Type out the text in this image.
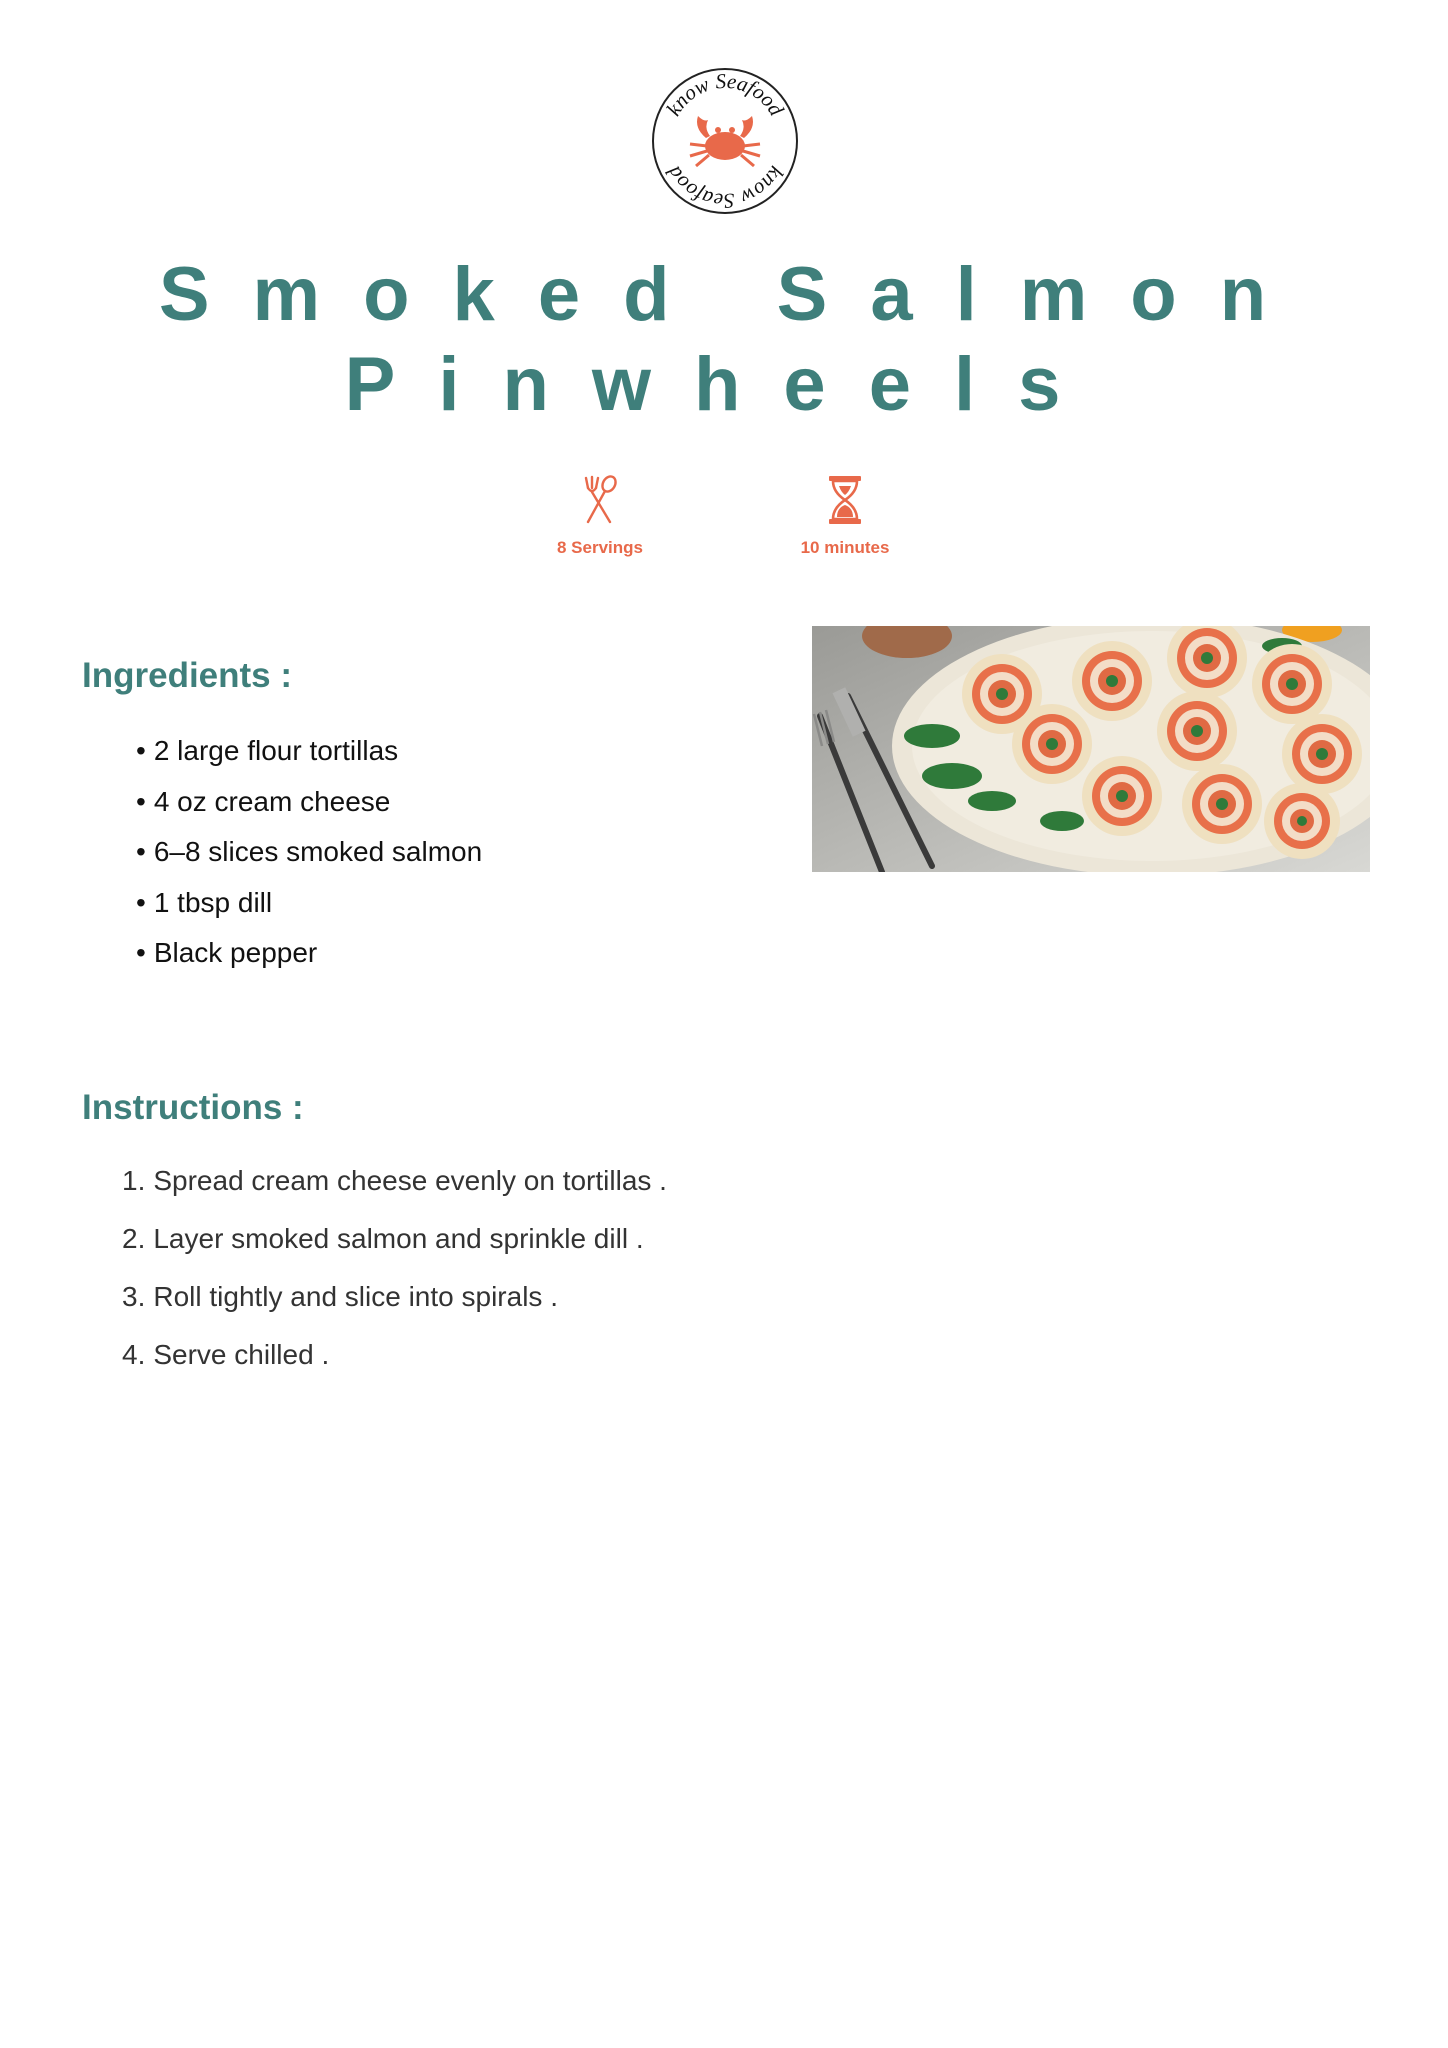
know Seafood
know Seafood
Smoked Salmon
Pinwheels
8 Servings	10 minutes
Ingredients :
• 2 large flour tortillas
• 4 oz cream cheese
• 6–8 slices smoked salmon
• 1 tbsp dill
• Black pepper
Instructions :
1. Spread cream cheese evenly on tortillas .
2. Layer smoked salmon and sprinkle dill .
3. Roll tightly and slice into spirals .
4. Serve chilled .
